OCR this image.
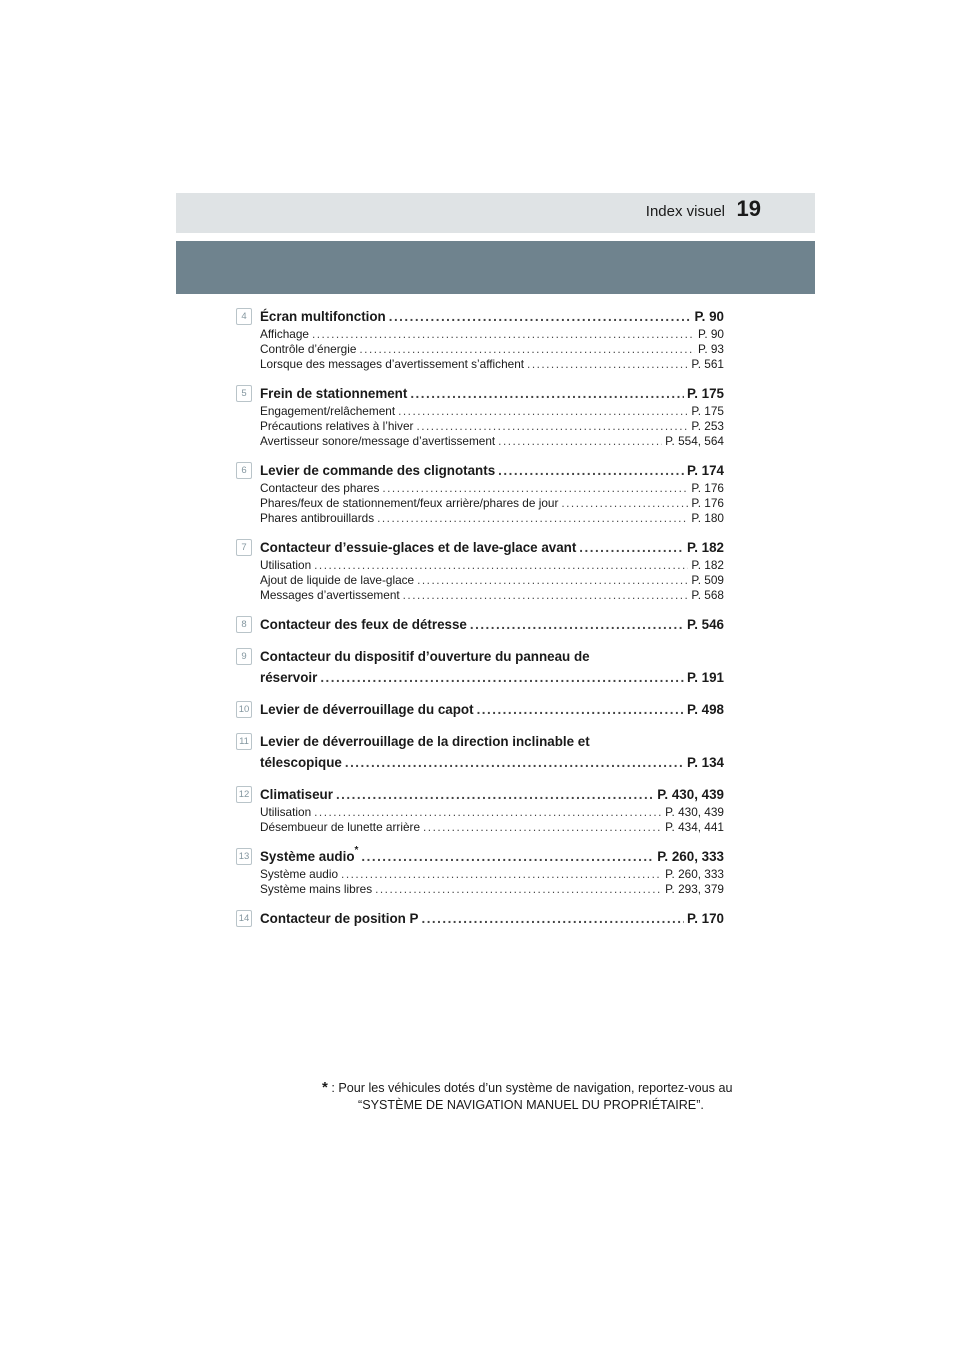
Index visuel 19
4 Écran multifonction .....	P. 90
Affichage .....	P. 90
Contrôle d’énergie .....	P. 93
Lorsque des messages d’avertissement s’affichent .....	P. 561
5 Frein de stationnement .....	P. 175
Engagement/relâchement .....	P. 175
Précautions relatives à l’hiver .....	P. 253
Avertisseur sonore/message d’avertissement .....	P. 554, 564
6 Levier de commande des clignotants .....	P. 174
Contacteur des phares .....	P. 176
Phares/feux de stationnement/feux arrière/phares de jour .....	P. 176
Phares antibrouillards .....	P. 180
7 Contacteur d’essuie-glaces et de lave-glace avant .....	P. 182
Utilisation .....	P. 182
Ajout de liquide de lave-glace .....	P. 509
Messages d’avertissement .....	P. 568
8 Contacteur des feux de détresse .....	P. 546
9 Contacteur du dispositif d’ouverture du panneau de
réservoir .....	P. 191
10 Levier de déverrouillage du capot .....	P. 498
11 Levier de déverrouillage de la direction inclinable et
télescopique .....	P. 134
12 Climatiseur .....	P. 430, 439
Utilisation .....	P. 430, 439
Désembueur de lunette arrière .....	P. 434, 441
13 Système audio* .....	P. 260, 333
Système audio .....	P. 260, 333
Système mains libres .....	P. 293, 379
14 Contacteur de position P .....	P. 170
* : Pour les véhicules dotés d’un système de navigation, reportez-vous au
“SYSTÈME DE NAVIGATION MANUEL DU PROPRIÉTAIRE”.
